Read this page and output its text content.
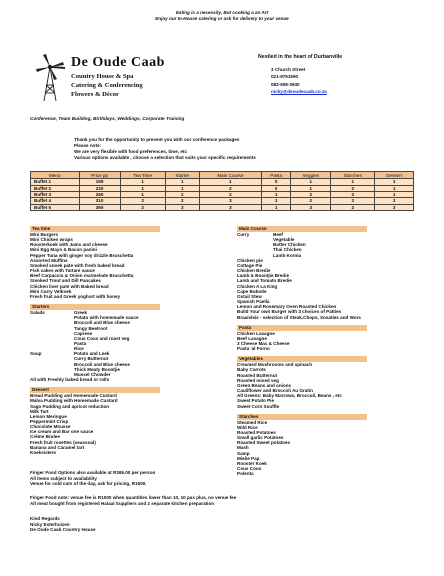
Eating is a necessity, But cooking a an Art
Enjoy our In-House catering or ask for delivery to your venue
De Oude Caab
Country House & Spa
Catering & Conferencing
Flowers & Décor
Nestled in the heart of Durbanville
3 Church Street
021-9751590
082-608-3930
nicky@deoudecaab.co.za
Conference, Team Building, Birthdays, Weddings, Corporate Training
Thank you for the opportunity to present you with our conference packages
Please note:
We are very flexible with food preferences, time, etc
Various options available , choose a selection that suits your specific requirements
Menu	Price pp	Tea Time	Starter	Main Course	Pasta	Veggies	Starches	Dessert
Buffet 1	195	1	1	1	0	1	1	1
Buffet 2	230	1	1	2	0	1	2	1
Buffet 3	260	1	2	2	1	2	2	1
Buffet 4	310	2	2	3	1	2	2	2
Buffet 5	360	2	3	3	1	3	2	3
Tea time
Mini Burgers
Mini Chicken wraps
Roosterkoek with Jams and cheese
Mini Egg Mayo & Bacon panini
Pepper Tuna with ginger soy drizzle Bruschetta
Assorted Muffins
Smoked snoek pate with fresh baked bread
Fish cakes with Tartare sauce
Beef Carpaccio & Onion marmelade Bruschetta
Smoked Trout and Dill Pancakes
Chicken liver pate with Baked bread
Mini Curry Vetkoek
Fresh fruit and Greek yoghurt with honey
Starters
Salads	Greek
Potato with homemade sauce
Broccoli and Blue cheese
Tangy Beetroot
Caprese
Cous Cous and roast veg
Pasta
Rice
Soup	Potato and Leek
Curry Butternut
Broccoli and Blue cheese
Thick Meaty Boontjie
Mussel Chowder
All with Freshly baked bread or rolls
Dessert
Bread Pudding and Homemade Custard
Malva Pudding with Homemade Custard
Sago Pudding and apricot reduction
Milk Tart
Lemon Meringue
Peppermint Crisp
Chocolate Mousse
Ice cream and Bar one sauce
Crème Brulee
Fresh fruit rosettes (seasonal)
Banana and Caramel tart
Koeksisters
Main Course
Curry	Beef
Vegetable
Butter Chicken
Thai Chicken
Lamb Korma
Chicken pie
Cottage Pie
Chicken Bredie
Lamb & Boontjie Bredie
Lamb and Tomato Bredie
Chicken A La King
Cape Bobotie
Oxtail Stew
Spanish Paella
Lemon and Rosemary Oven Roasted Chicken
Build Your own Burger with 3 choices of Patties
Braaivleis - selection of Steak,Chops, Sosaties and Wors
Pasta
Chicken Lasagne
Beef Lasagne
3 Cheese Mac & Cheese
Pasta 'al Forno
Vegetables
Creamed Mushrooms and spinach
Baby Carrots
Roasted Butternut
Roasted mixed veg
Green Beans and onions
Cauliflower and Broccoli Au Gratin
All Greens: Baby Marrows, Broccoli, Beans , etc
Sweet Potato Pie
Sweet Corn Souffle
Starches
Steamed Rice
Wild Rice
Roasted Potatoes
Small garlic Potatoes
Roasted Sweet potatoes
Mash
Samp
Mielie Pap
Rooster Koek
Cous Cous
Polenta
Finger Food Options also available at R365.00 per person
All items subject to availability
Venue for cold cuts of the day, ask for pricing, R1500.
Finger Food note: venue fee is R1000 when quantities lower than 10, 10 pax plus, no venue fee
All meat bought from registered Halaal Suppliers and 2 separate kitchen preparation
Kind Regards
Nicky Esterhuizen
De Oude Caab Country House
